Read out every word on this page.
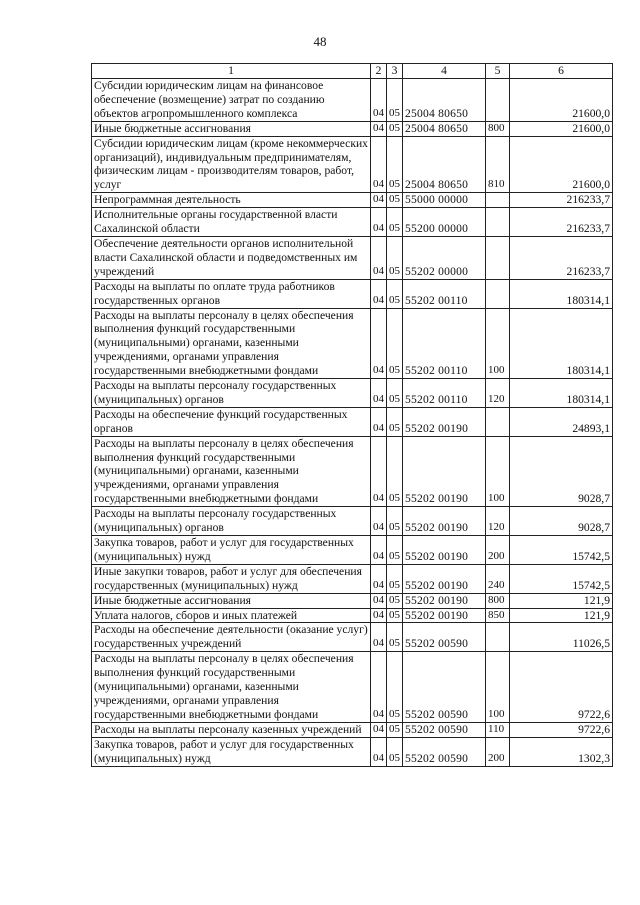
48
1	2	3	4	5	6
Субсидии юридическим лицам на финансовое обеспечение (возмещение) затрат по созданию объектов агропромышленного комплекса	04	05	25004 80650		21600,0
Иные бюджетные ассигнования	04	05	25004 80650	800	21600,0
Субсидии юридическим лицам (кроме некоммерческих организаций), индивидуальным предпринимателям, физическим лицам - производителям товаров, работ, услуг	04	05	25004 80650	810	21600,0
Непрограммная деятельность	04	05	55000 00000		216233,7
Исполнительные органы государственной власти Сахалинской области	04	05	55200 00000		216233,7
Обеспечение деятельности органов исполнительной власти Сахалинской области и подведомственных им учреждений	04	05	55202 00000		216233,7
Расходы на выплаты по оплате труда работников государственных органов	04	05	55202 00110		180314,1
Расходы на выплаты персоналу в целях обеспечения выполнения функций государственными (муниципальными) органами, казенными учреждениями, органами управления государственными внебюджетными фондами	04	05	55202 00110	100	180314,1
Расходы на выплаты персоналу государственных (муниципальных) органов	04	05	55202 00110	120	180314,1
Расходы на обеспечение функций государственных органов	04	05	55202 00190		24893,1
Расходы на выплаты персоналу в целях обеспечения выполнения функций государственными (муниципальными) органами, казенными учреждениями, органами управления государственными внебюджетными фондами	04	05	55202 00190	100	9028,7
Расходы на выплаты персоналу государственных (муниципальных) органов	04	05	55202 00190	120	9028,7
Закупка товаров, работ и услуг для государственных (муниципальных) нужд	04	05	55202 00190	200	15742,5
Иные закупки товаров, работ и услуг для обеспечения государственных (муниципальных) нужд	04	05	55202 00190	240	15742,5
Иные бюджетные ассигнования	04	05	55202 00190	800	121,9
Уплата налогов, сборов и иных платежей	04	05	55202 00190	850	121,9
Расходы на обеспечение деятельности (оказание услуг) государственных учреждений	04	05	55202 00590		11026,5
Расходы на выплаты персоналу в целях обеспечения выполнения функций государственными (муниципальными) органами, казенными учреждениями, органами управления государственными внебюджетными фондами	04	05	55202 00590	100	9722,6
Расходы на выплаты персоналу казенных учреждений	04	05	55202 00590	110	9722,6
Закупка товаров, работ и услуг для государственных (муниципальных) нужд	04	05	55202 00590	200	1302,3
